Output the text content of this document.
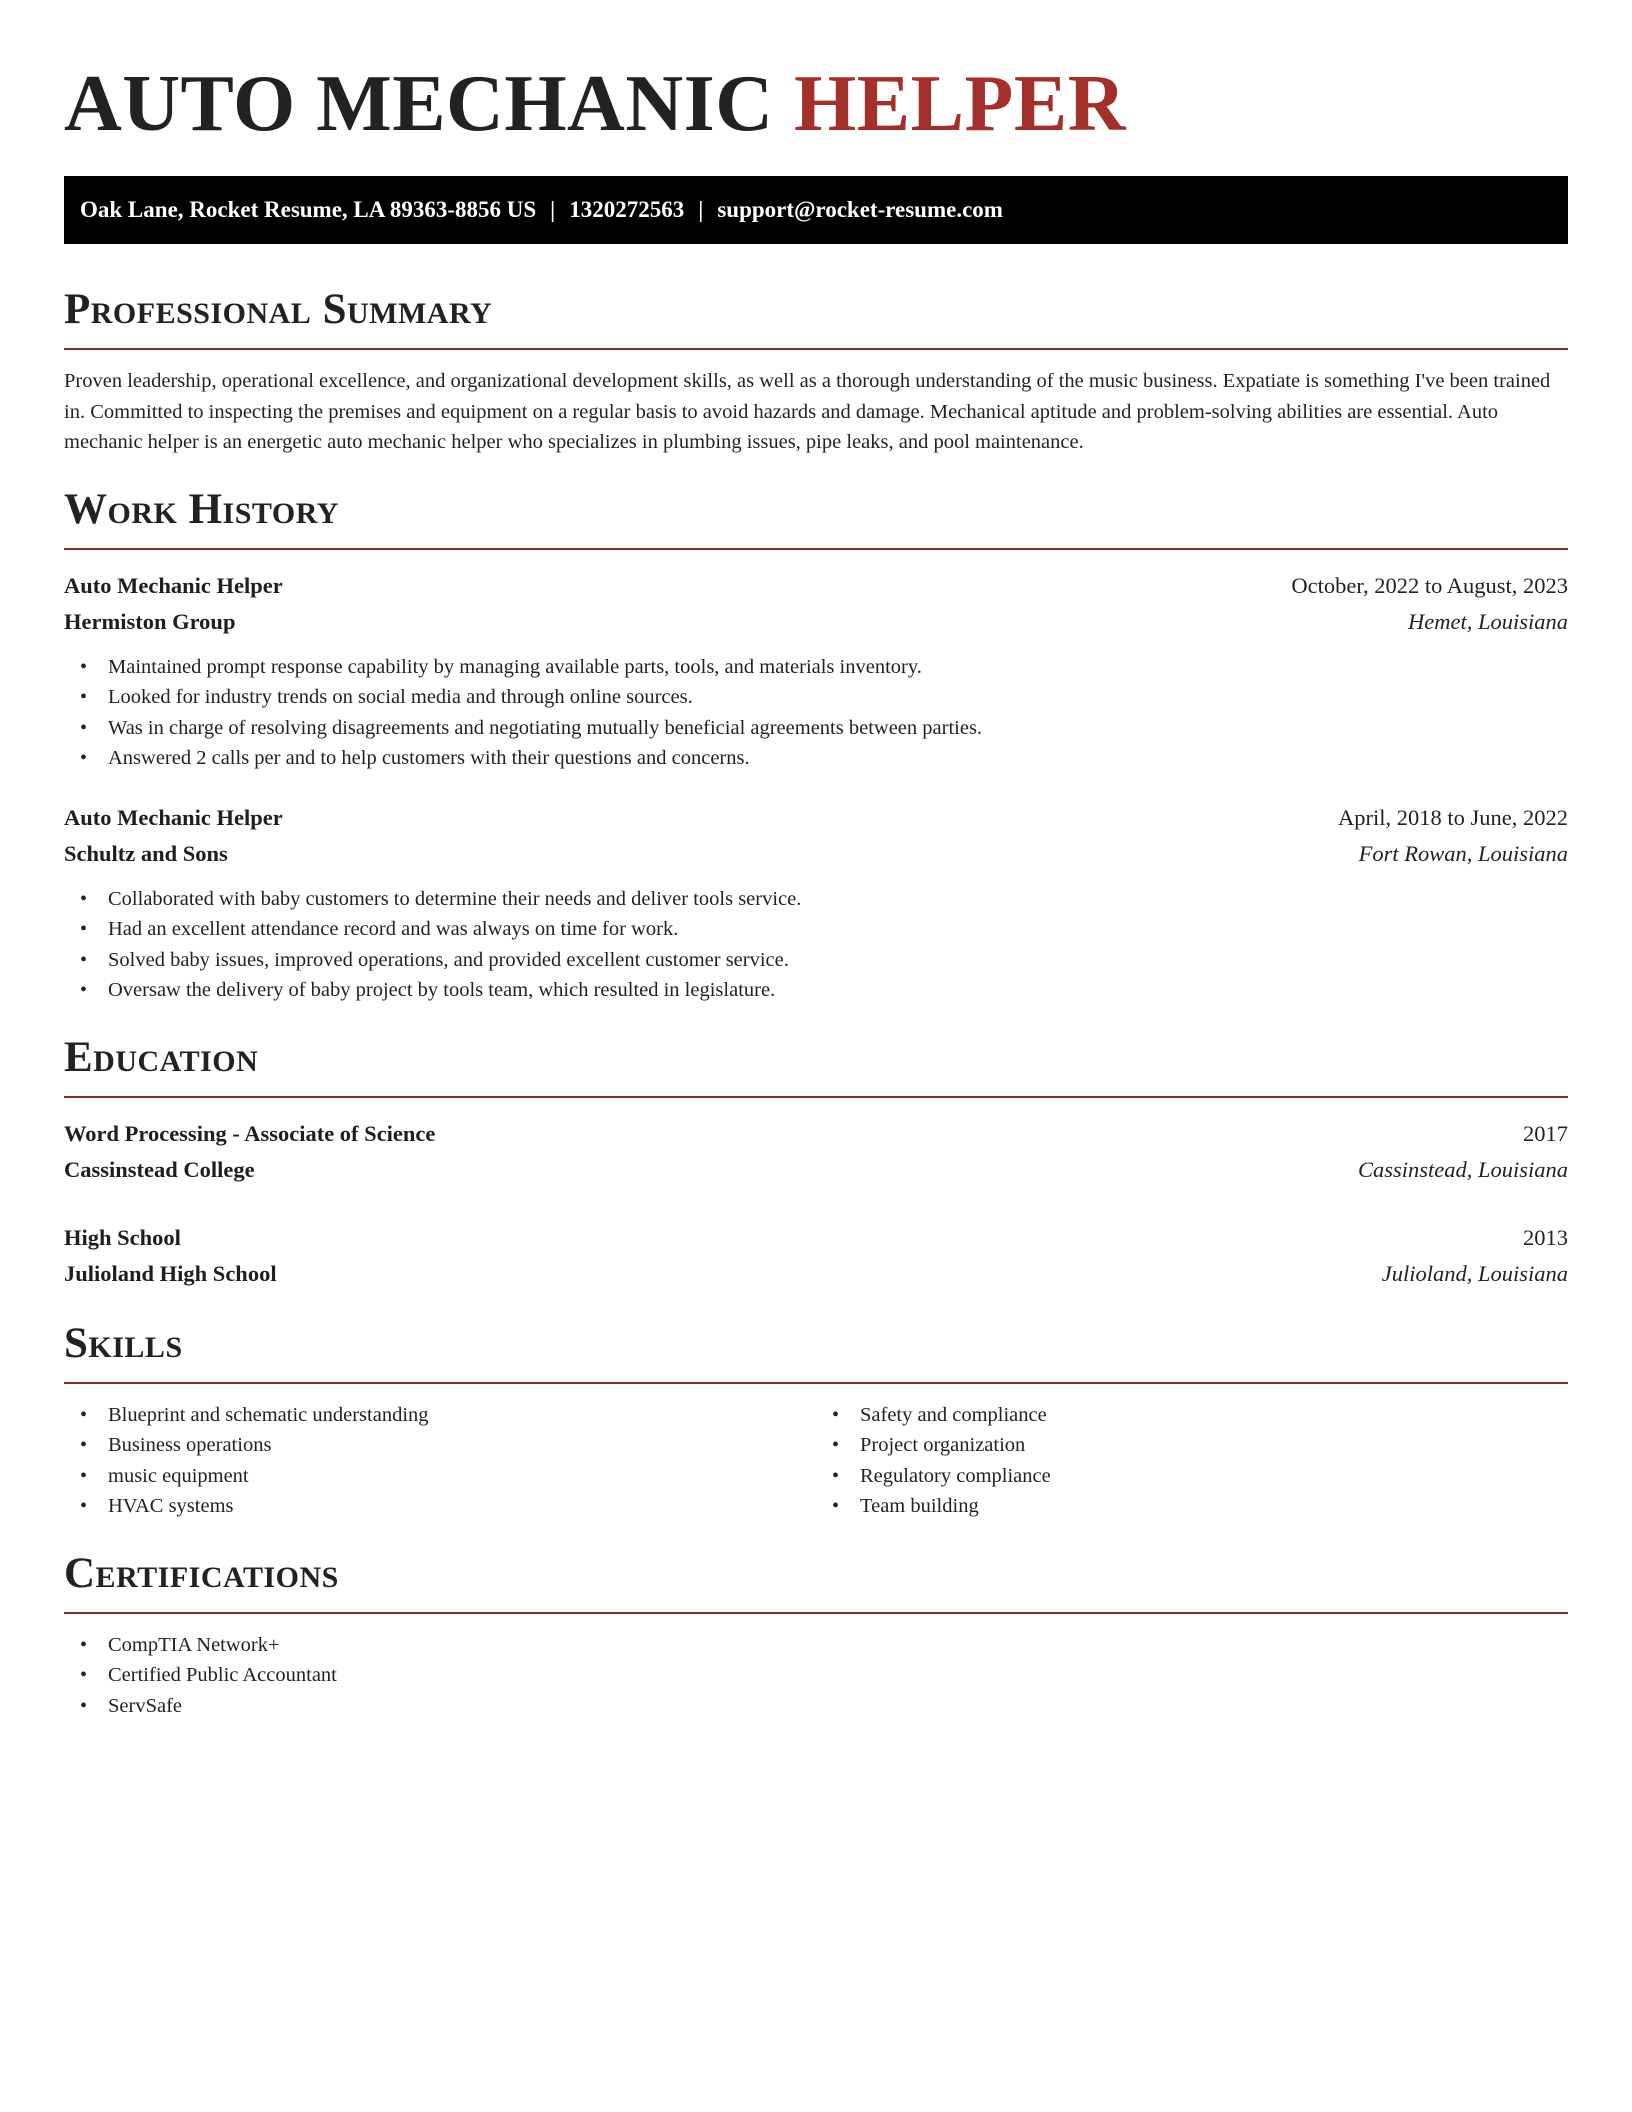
AUTO MECHANIC HELPER
Oak Lane, Rocket Resume, LA 89363-8856 US | 1320272563 | support@rocket-resume.com
Professional Summary

Proven leadership, operational excellence, and organizational development skills, as well as a thorough understanding of the music business. Expatiate is something I've been trained in. Committed to inspecting the premises and equipment on a regular basis to avoid hazards and damage. Mechanical aptitude and problem-solving abilities are essential. Auto mechanic helper is an energetic auto mechanic helper who specializes in plumbing issues, pipe leaks, and pool maintenance.

Work History
Auto Mechanic Helper	October, 2022 to August, 2023
Hermiston Group	Hemet, Louisiana
• Maintained prompt response capability by managing available parts, tools, and materials inventory.
• Looked for industry trends on social media and through online sources.
• Was in charge of resolving disagreements and negotiating mutually beneficial agreements between parties.
• Answered 2 calls per and to help customers with their questions and concerns.
Auto Mechanic Helper	April, 2018 to June, 2022
Schultz and Sons	Fort Rowan, Louisiana
• Collaborated with baby customers to determine their needs and deliver tools service.
• Had an excellent attendance record and was always on time for work.
• Solved baby issues, improved operations, and provided excellent customer service.
• Oversaw the delivery of baby project by tools team, which resulted in legislature.
Education
Word Processing - Associate of Science	2017
Cassinstead College	Cassinstead, Louisiana
High School	2013
Julioland High School	Julioland, Louisiana
Skills
• Blueprint and schematic understanding
• Business operations
• music equipment
• HVAC systems
• Safety and compliance
• Project organization
• Regulatory compliance
• Team building
Certifications
• CompTIA Network+
• Certified Public Accountant
• ServSafe
